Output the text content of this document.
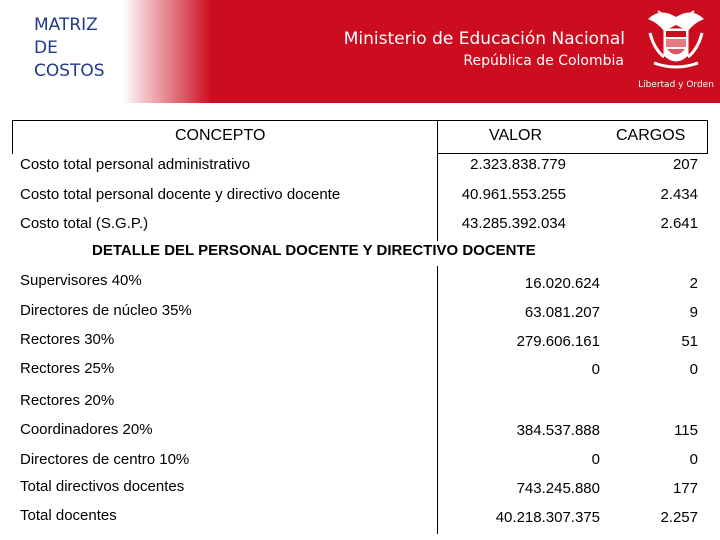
MATRIZ
DE
COSTOS
Ministerio de Educación Nacional
República de Colombia
Libertad y Orden
CONCEPTO	VALOR	CARGOS
Costo total personal administrativo	2.323.838.779	207
Costo total personal docente y directivo docente	40.961.553.255	2.434
Costo total (S.G.P.)	43.285.392.034	2.641
DETALLE DEL PERSONAL DOCENTE Y DIRECTIVO DOCENTE
Supervisores 40%	16.020.624	2
Directores de núcleo 35%	63.081.207	9
Rectores 30%	279.606.161	51
Rectores 25%	0	0
Rectores 20%
Coordinadores 20%	384.537.888	115
Directores de centro 10%	0	0
Total directivos docentes	743.245.880	177
Total docentes	40.218.307.375	2.257
